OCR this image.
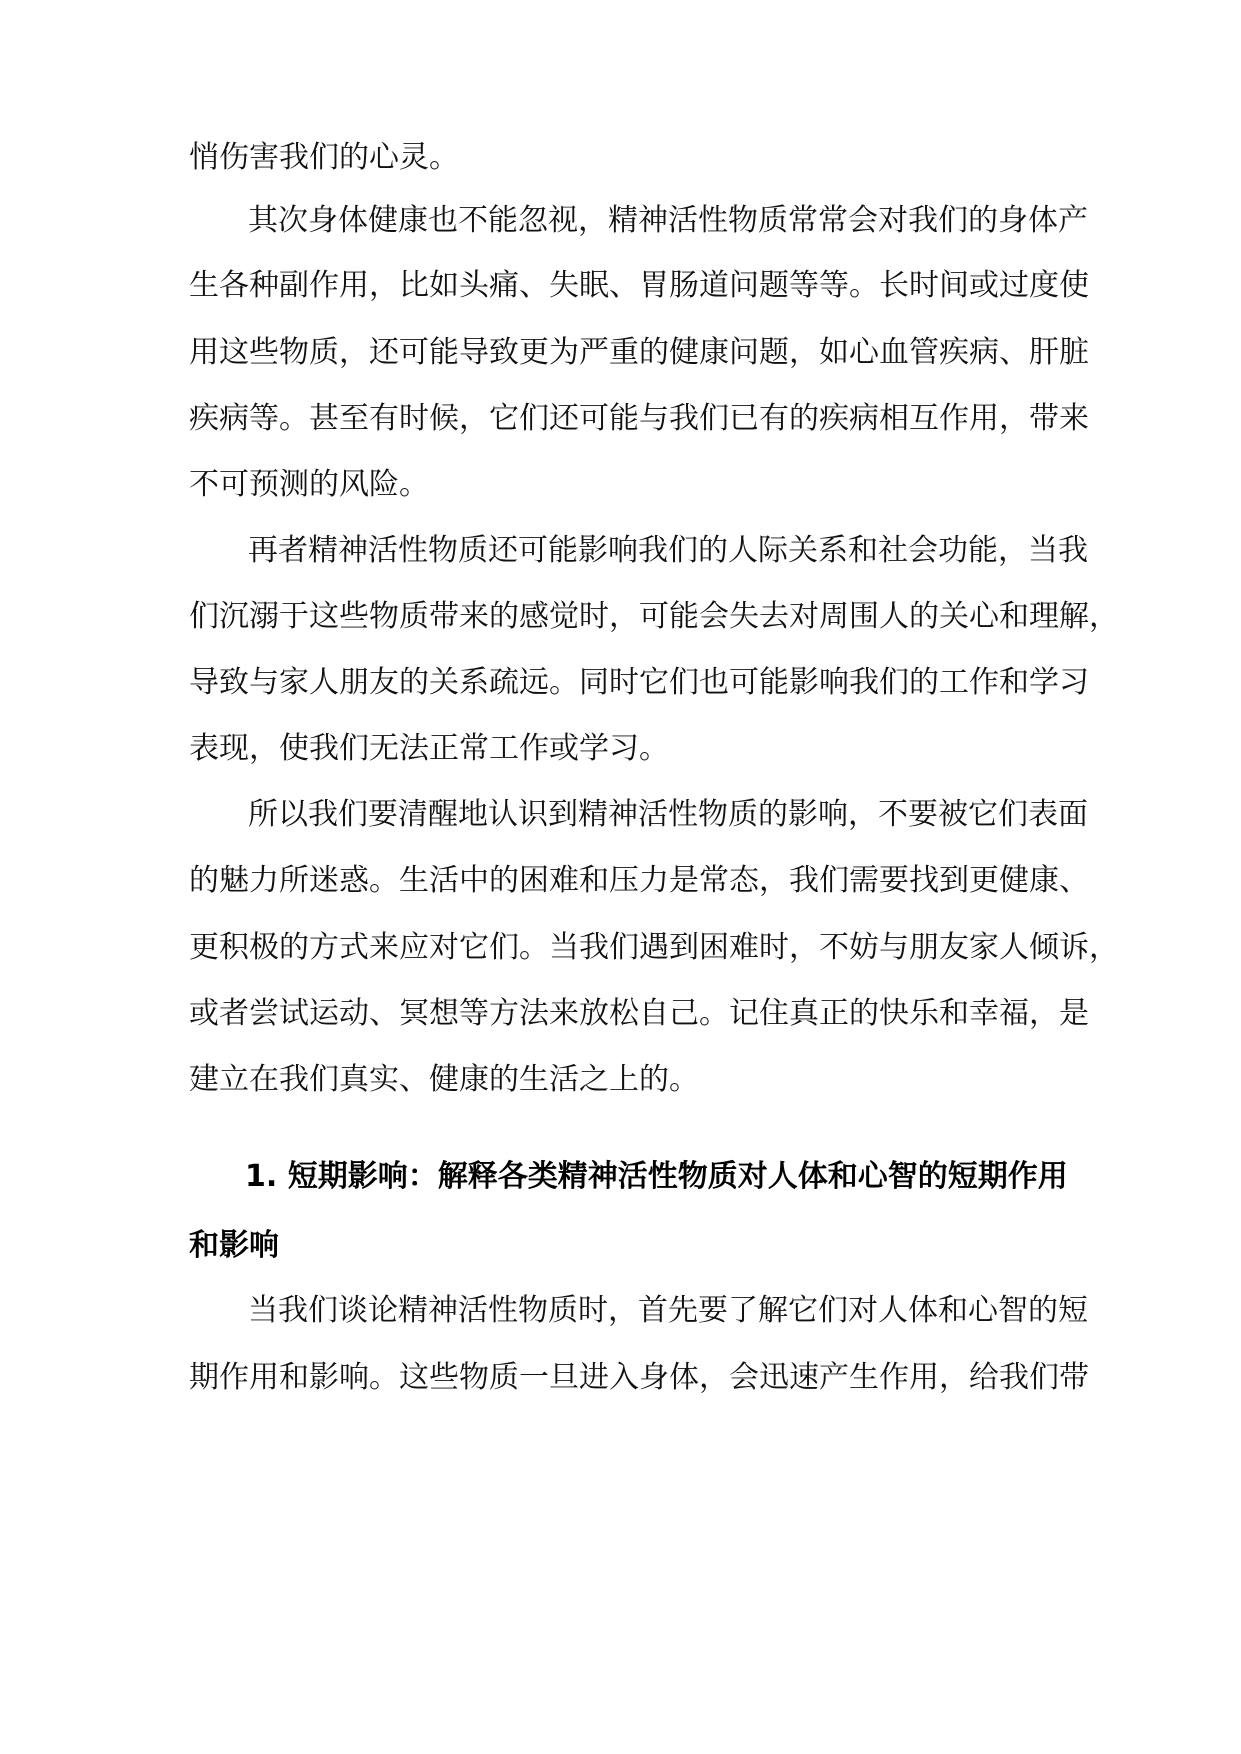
悄伤害我们的心灵。
其次身体健康也不能忽视，精神活性物质常常会对我们的身体产
生各种副作用，比如头痛、失眠、胃肠道问题等等。长时间或过度使
用这些物质，还可能导致更为严重的健康问题，如心血管疾病、肝脏
疾病等。甚至有时候，它们还可能与我们已有的疾病相互作用，带来
不可预测的风险。
再者精神活性物质还可能影响我们的人际关系和社会功能，当我
们沉溺于这些物质带来的感觉时，可能会失去对周围人的关心和理解，
导致与家人朋友的关系疏远。同时它们也可能影响我们的工作和学习
表现，使我们无法正常工作或学习。
所以我们要清醒地认识到精神活性物质的影响，不要被它们表面
的魅力所迷惑。生活中的困难和压力是常态，我们需要找到更健康、
更积极的方式来应对它们。当我们遇到困难时，不妨与朋友家人倾诉，
或者尝试运动、冥想等方法来放松自己。记住真正的快乐和幸福，是
建立在我们真实、健康的生活之上的。
1. 短期影响：解释各类精神活性物质对人体和心智的短期作用
和影响
当我们谈论精神活性物质时，首先要了解它们对人体和心智的短
期作用和影响。这些物质一旦进入身体，会迅速产生作用，给我们带
